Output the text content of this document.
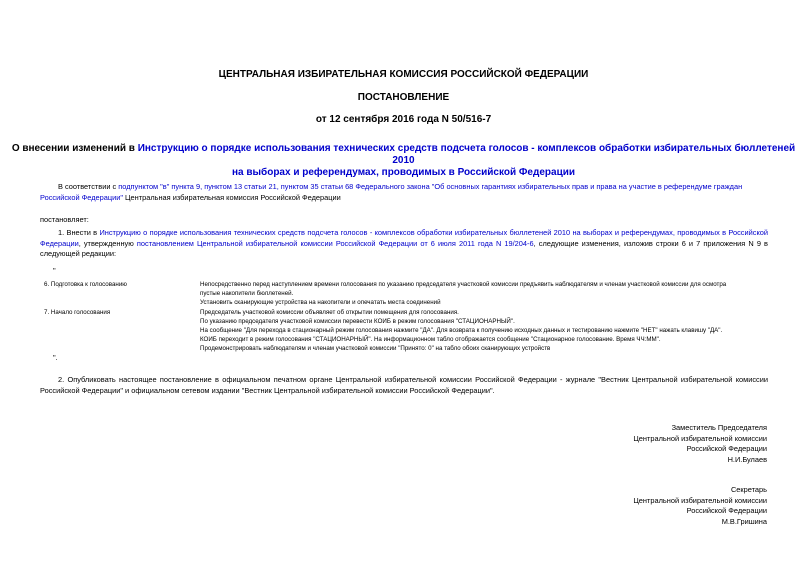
ЦЕНТРАЛЬНАЯ ИЗБИРАТЕЛЬНАЯ КОМИССИЯ РОССИЙСКОЙ ФЕДЕРАЦИИ
ПОСТАНОВЛЕНИЕ
от 12 сентября 2016 года N 50/516-7
О внесении изменений в Инструкцию о порядке использования технических средств подсчета голосов - комплексов обработки избирательных бюллетеней 2010
на выборах и референдумах, проводимых в Российской Федерации
В соответствии с подпунктом "в" пункта 9, пунктом 13 статьи 21, пунктом 35 статьи 68 Федерального закона "Об основных гарантиях избирательных прав и права на участие в референдуме граждан Российской Федерации" Центральная избирательная комиссия Российской Федерации
постановляет:
1. Внести в Инструкцию о порядке использования технических средств подсчета голосов - комплексов обработки избирательных бюллетеней 2010 на выборах и референдумах, проводимых в Российской Федерации, утвержденную постановлением Центральной избирательной комиссии Российской Федерации от 6 июля 2011 года N 19/204-6, следующие изменения, изложив строки 6 и 7 приложения N 9 в следующей редакции:
"
6. Подготовка к голосованию	Непосредственно перед наступлением времени голосования по указанию председателя участковой комиссии предъявить наблюдателям и членам участковой комиссии для осмотра
пустые накопители бюллетеней.
Установить сканирующие устройства на накопители и опечатать места соединений
7. Начало голосования	Председатель участковой комиссии объявляет об открытии помещения для голосования.
По указанию председателя участковой комиссии перевести КОИБ в режим голосования "СТАЦИОНАРНЫЙ".
На сообщение "Для перехода в стационарный режим голосования нажмите "ДА". Для возврата к получению исходных данных и тестированию нажмите "НЕТ" нажать клавишу "ДА".
КОИБ переходит в режим голосования "СТАЦИОНАРНЫЙ". На информационном табло отображается сообщение "Стационарное голосование. Время ЧЧ:ММ".
Продемонстрировать наблюдателям и членам участковой комиссии "Принято: 0" на табло обоих сканирующих устройств
".
2. Опубликовать настоящее постановление в официальном печатном органе Центральной избирательной комиссии Российской Федерации - журнале "Вестник Центральной избирательной комиссии Российской Федерации" и официальном сетевом издании "Вестник Центральной избирательной комиссии Российской Федерации".
Заместитель Председателя
Центральной избирательной комиссии
Российской Федерации
Н.И.Булаев
Секретарь
Центральной избирательной комиссии
Российской Федерации
М.В.Гришина
